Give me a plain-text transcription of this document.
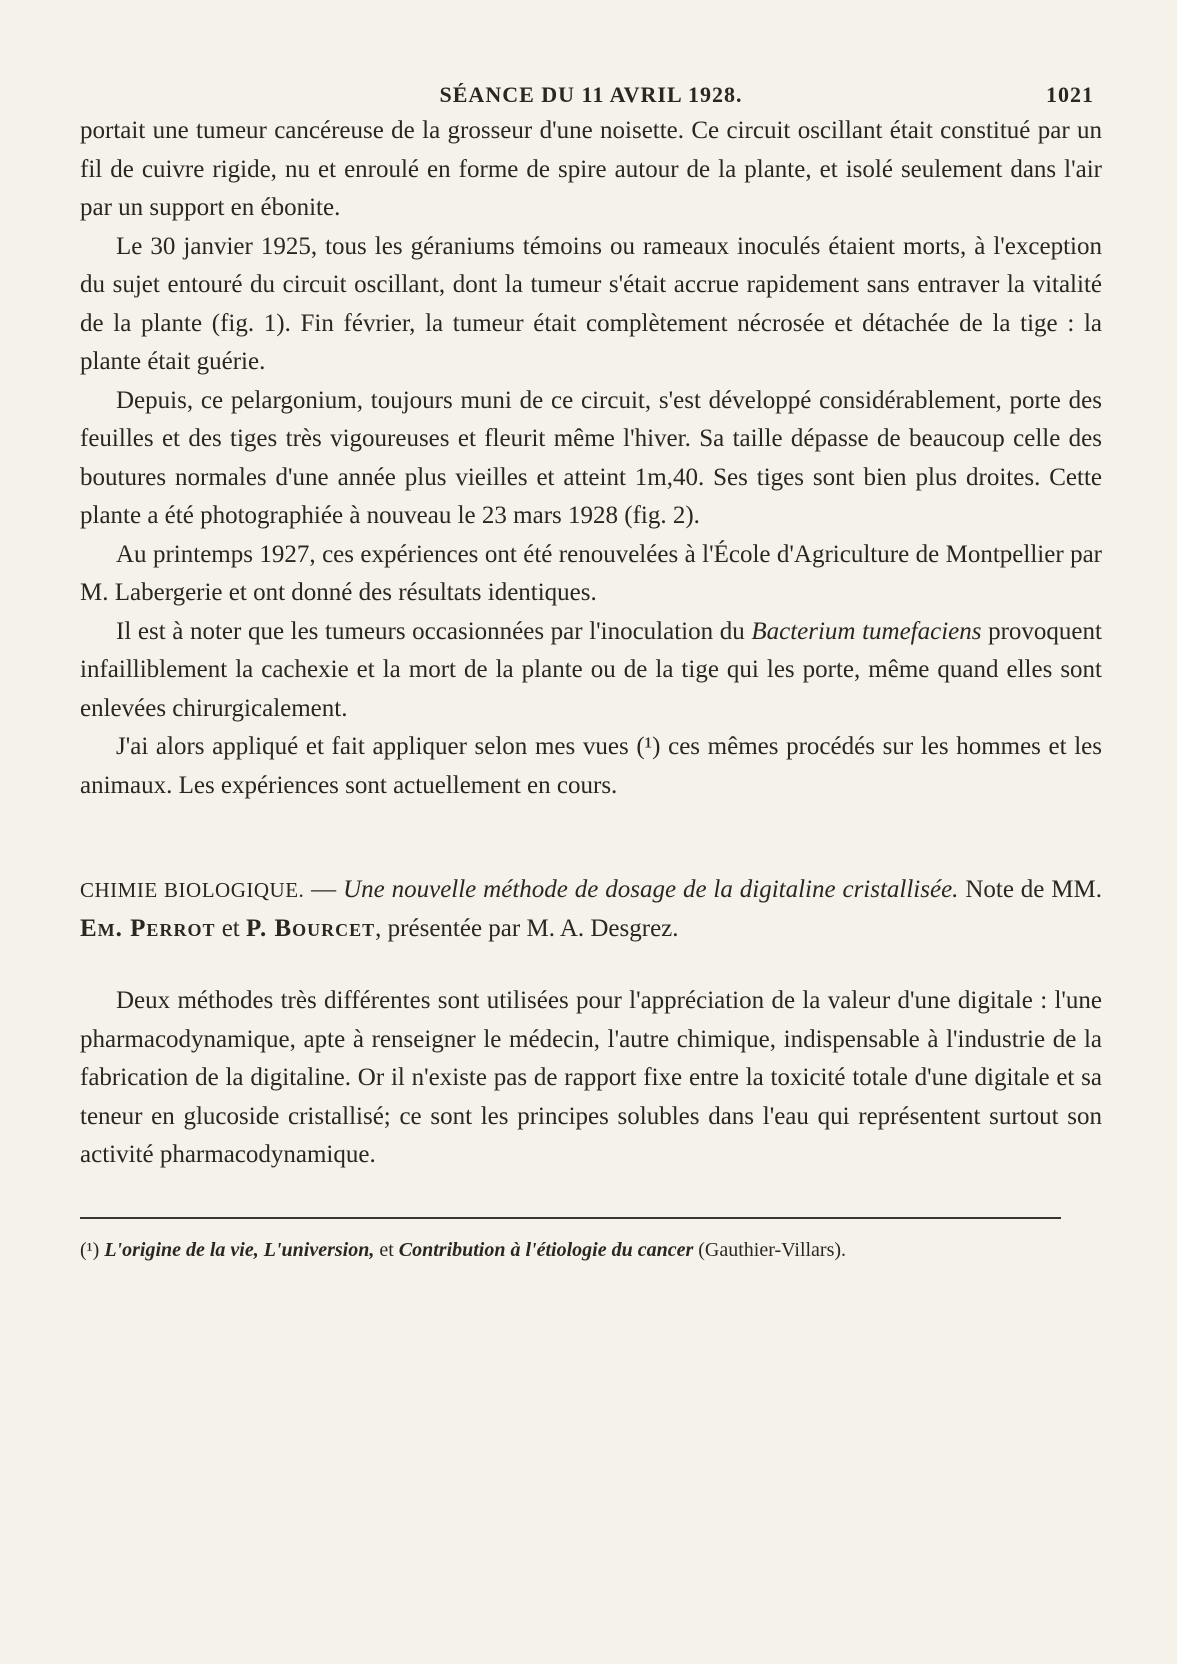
SÉANCE DU 11 AVRIL 1928.	1021

portait une tumeur cancéreuse de la grosseur d'une noisette. Ce circuit oscillant était constitué par un fil de cuivre rigide, nu et enroulé en forme de spire autour de la plante, et isolé seulement dans l'air par un support en ébonite.

Le 30 janvier 1925, tous les géraniums témoins ou rameaux inoculés étaient morts, à l'exception du sujet entouré du circuit oscillant, dont la tumeur s'était accrue rapidement sans entraver la vitalité de la plante (fig. 1). Fin février, la tumeur était complètement nécrosée et détachée de la tige : la plante était guérie.

Depuis, ce pelargonium, toujours muni de ce circuit, s'est développé considérablement, porte des feuilles et des tiges très vigoureuses et fleurit même l'hiver. Sa taille dépasse de beaucoup celle des boutures normales d'une année plus vieilles et atteint 1m,40. Ses tiges sont bien plus droites. Cette plante a été photographiée à nouveau le 23 mars 1928 (fig. 2).

Au printemps 1927, ces expériences ont été renouvelées à l'École d'Agriculture de Montpellier par M. Labergerie et ont donné des résultats identiques.

Il est à noter que les tumeurs occasionnées par l'inoculation du Bacterium tumefaciens provoquent infailliblement la cachexie et la mort de la plante ou de la tige qui les porte, même quand elles sont enlevées chirurgicalement.

J'ai alors appliqué et fait appliquer selon mes vues (¹) ces mêmes procédés sur les hommes et les animaux. Les expériences sont actuellement en cours.

CHIMIE BIOLOGIQUE. — Une nouvelle méthode de dosage de la digitaline cristallisée. Note de MM. Em. Perrot et P. Bourcet, présentée par M. A. Desgrez.

Deux méthodes très différentes sont utilisées pour l'appréciation de la valeur d'une digitale : l'une pharmacodynamique, apte à renseigner le médecin, l'autre chimique, indispensable à l'industrie de la fabrication de la digitaline. Or il n'existe pas de rapport fixe entre la toxicité totale d'une digitale et sa teneur en glucoside cristallisé; ce sont les principes solubles dans l'eau qui représentent surtout son activité pharmacodynamique.

(¹) L'origine de la vie, L'universion, et Contribution à l'étiologie du cancer (Gauthier-Villars).
